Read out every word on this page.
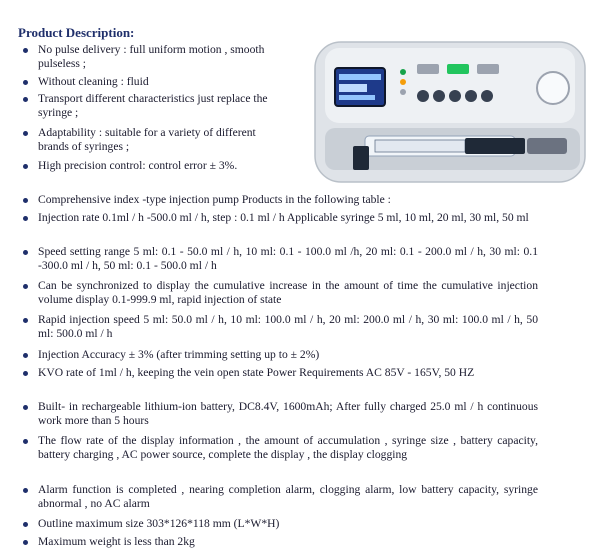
Product Description:
No pulse delivery : full uniform motion , smooth pulseless ;
Without cleaning : fluid
Transport different characteristics just replace the syringe ;
Adaptability : suitable for a variety of different brands of syringes ;
High precision control: control error ± 3%.
Comprehensive index -type injection pump Products in the following table :
Injection rate 0.1ml / h -500.0 ml / h, step : 0.1 ml / h Applicable syringe 5 ml, 10 ml, 20 ml, 30 ml, 50 ml
Speed setting range 5 ml: 0.1 - 50.0 ml / h, 10 ml: 0.1 - 100.0 ml /h, 20 ml: 0.1 - 200.0 ml / h, 30 ml: 0.1 -300.0 ml / h, 50 ml: 0.1 - 500.0 ml / h
Can be synchronized to display the cumulative increase in the amount of time the cumulative injection volume display 0.1-999.9 ml, rapid injection of state
Rapid injection speed 5 ml: 50.0 ml / h, 10 ml: 100.0 ml / h, 20 ml: 200.0 ml / h, 30 ml: 100.0 ml / h, 50 ml: 500.0 ml / h
Injection Accuracy ± 3% (after trimming setting up to ± 2%)
KVO rate of 1ml / h, keeping the vein open state Power Requirements AC 85V - 165V, 50 HZ
Built- in rechargeable lithium-ion battery, DC8.4V, 1600mAh; After fully charged 25.0 ml / h continuous work more than 5 hours
The flow rate of the display information , the amount of accumulation , syringe size , battery capacity, battery charging , AC power source, complete the display , the display clogging
Alarm function is completed , nearing completion alarm, clogging alarm, low battery capacity, syringe abnormal , no AC alarm
Outline maximum size 303*126*118 mm (L*W*H)
Maximum weight is less than 2kg
